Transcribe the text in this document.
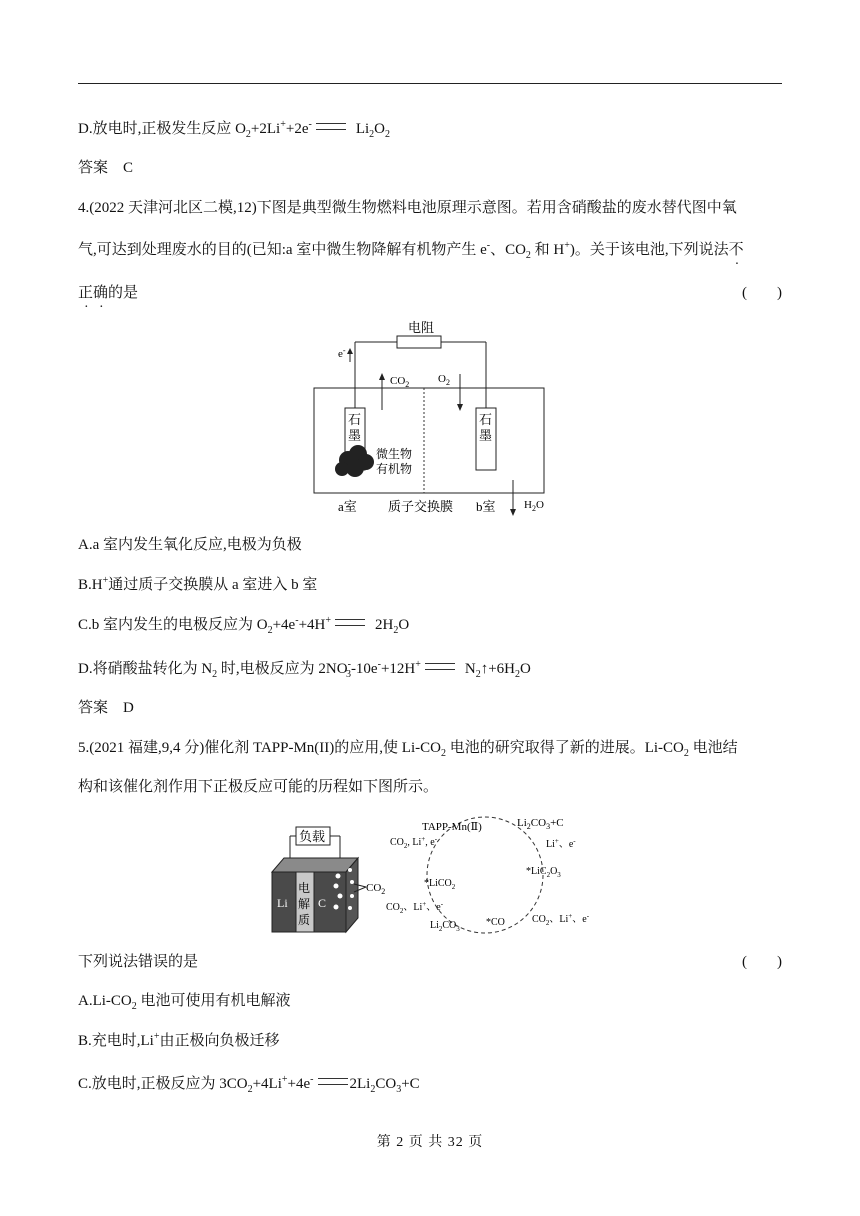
D.放电时,正极发生反应 $O_2+2Li^++2e^-$	$Li_2O_2$
答案　C
4.(2022 天津河北区二模,12)下图是典型微生物燃料电池原理示意图。若用含硝酸盐的废水替代图中氧
气,可达到处理废水的目的(已知:a 室中微生物降解有机物产生 e-、$CO_2$ 和 H+)。关于该电池,下列说法不
正确的是	(　　)
电阻
e-
石
墨
石
墨
微生物
有机物
$CO_2$	$O_2$
a室 质子交换膜 b室	$H_2O$
A.a 室内发生氧化反应,电极为负极
B.H+通过质子交换膜从 a 室进入 b 室
C.b 室内发生的电极反应为 $O_2+4e^-+4H^+$	$2H_2O$
D.将硝酸盐转化为 $N_2$ 时,电极反应为 $2NO^-_3-10e^-+12H^+$	$N_2↑+6H_2O$
答案　D
5.(2021 福建,9,4 分)催化剂 TAPP-Mn(II)的应用,使 $Li-CO_2$ 电池的研究取得了新的进展。$Li-CO_2$ 电池结
构和该催化剂作用下正极反应可能的历程如下图所示。
负载
Li
电
解
质
C
$CO_2$
TAPP-Mn(Ⅱ)	$Li_2CO_3+C$
$CO_2$, Li+, e-	Li+、e-
*LiCO$_2$
$*LiC_2O_3$
$CO_2$、Li+、e-
*CO
$Li_2CO_3$
$CO_2$、Li+、e-
下列说法错误的是	(　　)
$A.Li-CO_2$ 电池可使用有机电解液
B.充电时,Li+由正极向负极迁移
C.放电时,正极反应为 $3CO_2+4Li^++4e^-$ $2Li_2CO_3+C$
第 2 页 共 32 页
